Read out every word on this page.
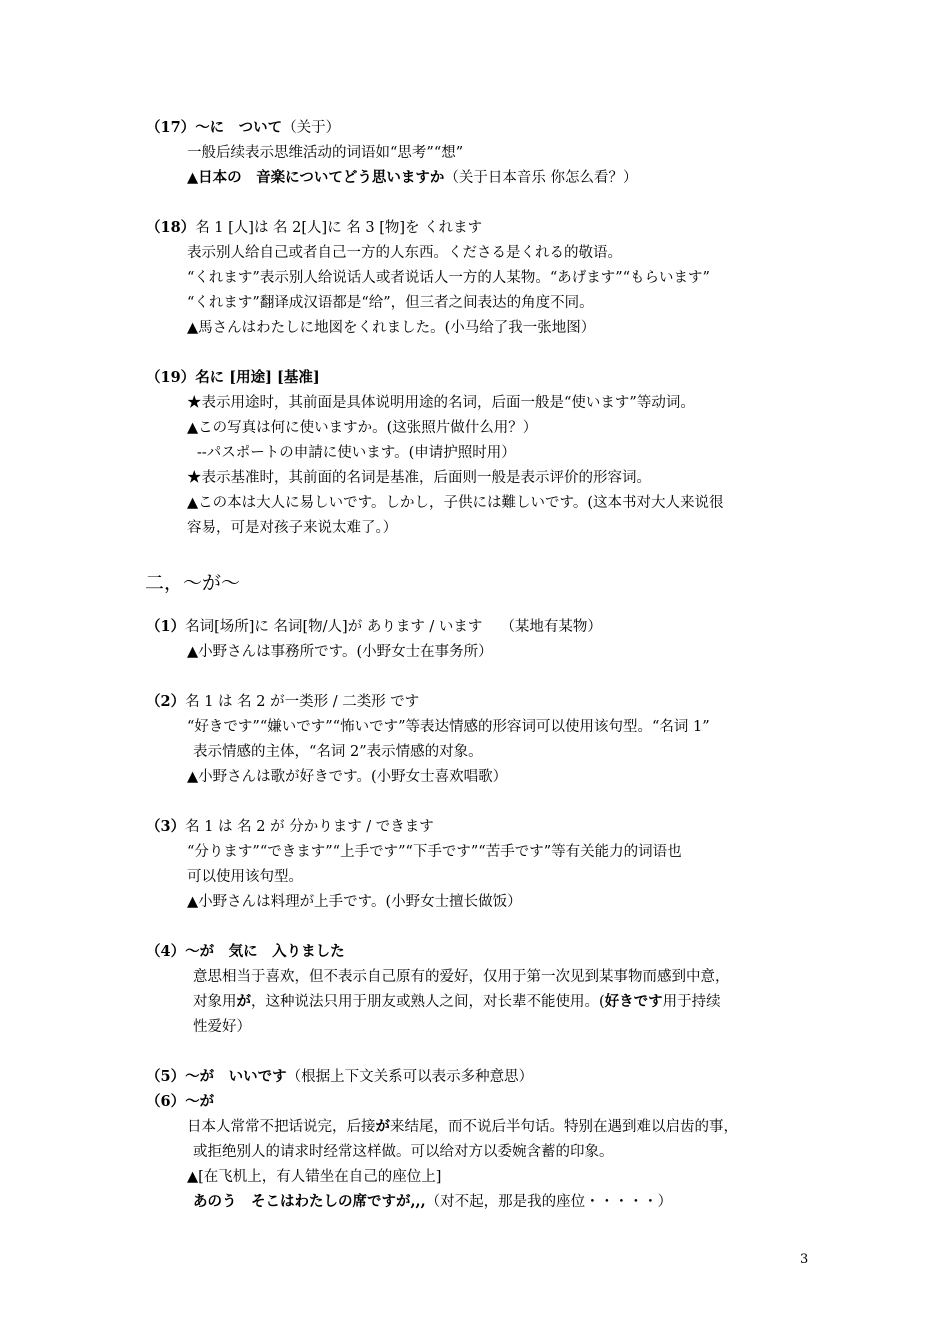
（17）〜に　ついて（关于）
一般后续表示思维活动的词语如“思考”“想”
▲日本の　音楽についてどう思いますか（关于日本音乐 你怎么看？）
（18）名 1 [人]は 名 2[人]に 名 3 [物]を くれます
表示别人给自己或者自己一方的人东西。くださる是くれる的敬语。
“くれます”表示别人给说话人或者说话人一方的人某物。“あげます”“もらいます”
“くれます”翻译成汉语都是“给”，但三者之间表达的角度不同。
▲馬さんはわたしに地図をくれました。(小马给了我一张地图）
（19）名に [用途] [基准]
★表示用途时，其前面是具体说明用途的名词，后面一般是“使います”等动词。
▲この写真は何に使いますか。(这张照片做什么用？）
--パスポートの申請に使います。(申请护照时用）
★表示基准时，其前面的名词是基准，后面则一般是表示评价的形容词。
▲この本は大人に易しいです。しかし，子供には難しいです。(这本书对大人来说很
容易，可是对孩子来说太难了。）
二，〜が〜
（1）名词[场所]に 名词[物/人]が あります / います （某地有某物）
▲小野さんは事務所です。(小野女士在事务所）
（2）名 1 は 名 2 が一类形 / 二类形 です
“好きです”“嫌いです”“怖いです”等表达情感的形容词可以使用该句型。“名词 1”
表示情感的主体，“名词 2”表示情感的对象。
▲小野さんは歌が好きです。(小野女士喜欢唱歌）
（3）名 1 は 名 2 が 分かります / できます
“分ります”“できます”“上手です”“下手です”“苦手です”等有关能力的词语也
可以使用该句型。
▲小野さんは料理が上手です。(小野女士擅长做饭）
（4）〜が　気に　入りました
意思相当于喜欢，但不表示自己原有的爱好，仅用于第一次见到某事物而感到中意，
对象用が，这种说法只用于朋友或熟人之间，对长辈不能使用。(好きです用于持续
性爱好）
（5）〜が　いいです（根据上下文关系可以表示多种意思）
（6）〜が
日本人常常不把话说完，后接が来结尾，而不说后半句话。特别在遇到难以启齿的事，
或拒绝别人的请求时经常这样做。可以给对方以委婉含蓄的印象。
▲[在飞机上，有人错坐在自己的座位上]
あのう　そこはわたしの席ですが,,,（对不起，那是我的座位・・・・・）
3
